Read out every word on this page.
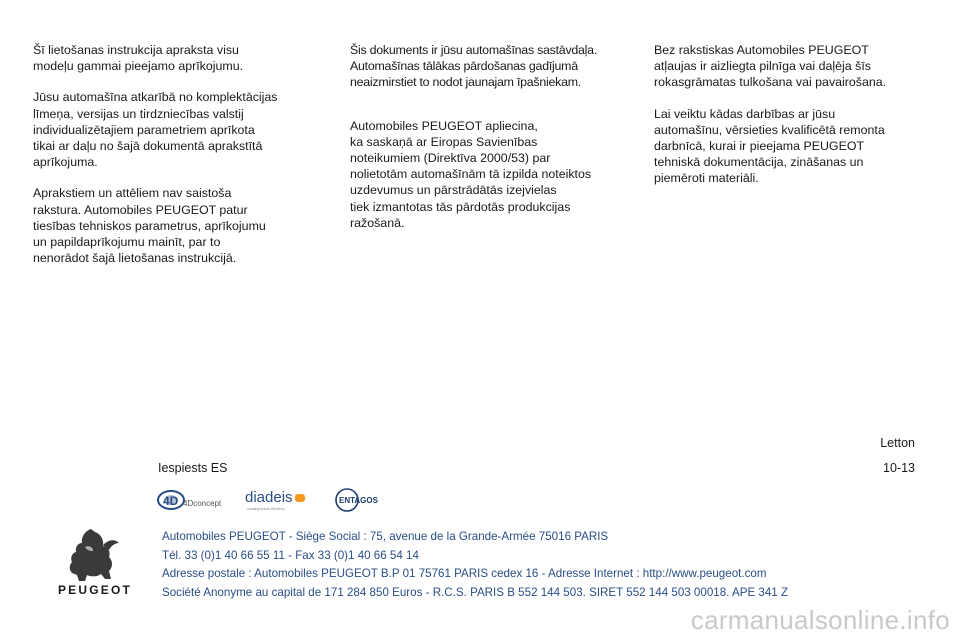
Šī lietošanas instrukcija apraksta visu
modeļu gammai pieejamo aprīkojumu.

Jūsu automašīna atkarībā no komplektācijas
līmeņa, versijas un tirdzniecības valstij
individualizētajiem parametriem aprīkota
tikai ar daļu no šajā dokumentā aprakstītā
aprīkojuma.

Aprakstiem un attēliem nav saistoša
rakstura. Automobiles PEUGEOT patur
tiesības tehniskos parametrus, aprīkojumu
un papildaprīkojumu mainīt, par to
nenorādot šajā lietošanas instrukcijā.

Šis dokuments ir jūsu automašīnas sastāvdaļa.
Automašīnas tālākas pārdošanas gadījumā
neaizmirstiet to nodot jaunajam īpašniekam.

Automobiles PEUGEOT apliecina,
ka saskaņā ar Eiropas Savienības
noteikumiem (Direktīva 2000/53) par
nolietotām automašīnām tā izpilda noteiktos
uzdevumus un pārstrādātās izejvielas
tiek izmantotas tās pārdotās produkcijas
ražošanā.

Bez rakstiskas Automobiles PEUGEOT
atļaujas ir aizliegta pilnīga vai daļēja šīs
rokasgrāmatas tulkošana vai pavairošana.

Lai veiktu kādas darbības ar jūsu
automašīnu, vērsieties kvalificētā remonta
darbnīcā, kurai ir pieejama PEUGEOT
tehniskā dokumentācija, zināšanas un
piemēroti materiāli.

Letton
Iespiests ES	10-13
4D 4Dconcept diadeis
creating brand efficiency
ENTAGOS
PEUGEOT
Automobiles PEUGEOT - Siège Social : 75, avenue de la Grande-Armée 75016 PARIS
Tél. 33 (0)1 40 66 55 11 - Fax 33 (0)1 40 66 54 14
Adresse postale : Automobiles PEUGEOT B.P 01 75761 PARIS cedex 16 - Adresse Internet : http://www.peugeot.com
Société Anonyme au capital de 171 284 850 Euros - R.C.S. PARIS B 552 144 503. SIRET 552 144 503 00018. APE 341 Z
carmanualsonline.info
